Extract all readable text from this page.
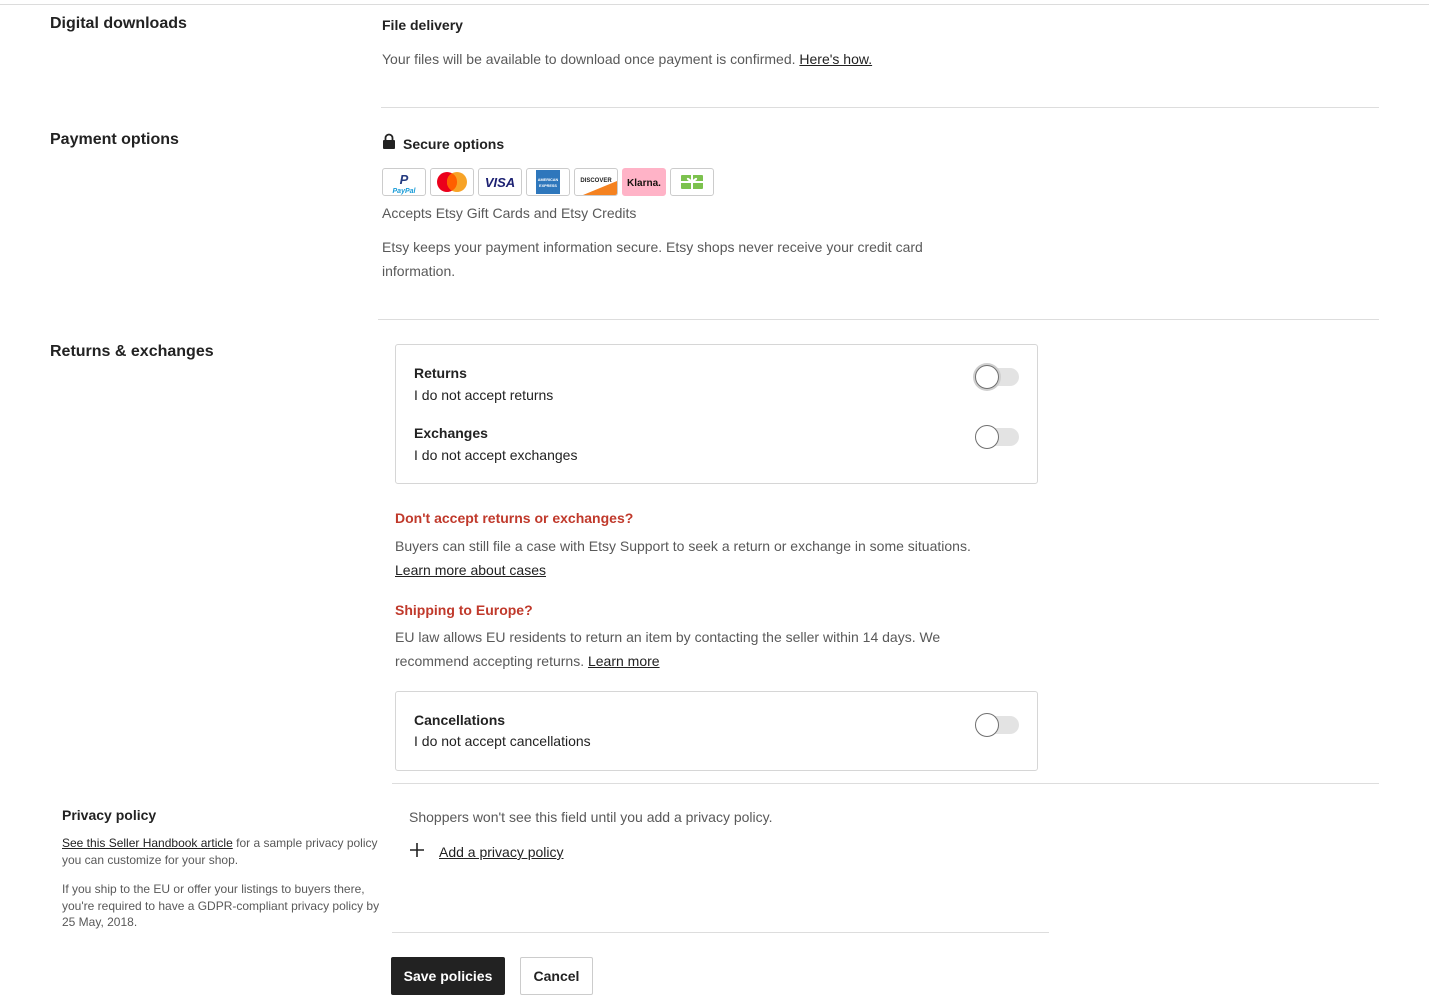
Digital downloads	File delivery
Your files will be available to download once payment is confirmed. Here's how.
Payment options	Secure options
P
PayPal
VISA	AMERICAN
EXPRESS
DISCOVER Klarna.
Accepts Etsy Gift Cards and Etsy Credits
Etsy keeps your payment information secure. Etsy shops never receive your credit card information.
Returns & exchanges
Returns
I do not accept returns
Exchanges
I do not accept exchanges
Don't accept returns or exchanges?
Buyers can still file a case with Etsy Support to seek a return or exchange in some situations.
Learn more about cases
Shipping to Europe?
EU law allows EU residents to return an item by contacting the seller within 14 days. We recommend accepting returns. Learn more
Cancellations
I do not accept cancellations
Privacy policy
See this Seller Handbook article for a sample privacy policy you can customize for your shop.
If you ship to the EU or offer your listings to buyers there, you're required to have a GDPR-compliant privacy policy by 25 May, 2018.
Shoppers won't see this field until you add a privacy policy.
Add a privacy policy
Save policies	Cancel
